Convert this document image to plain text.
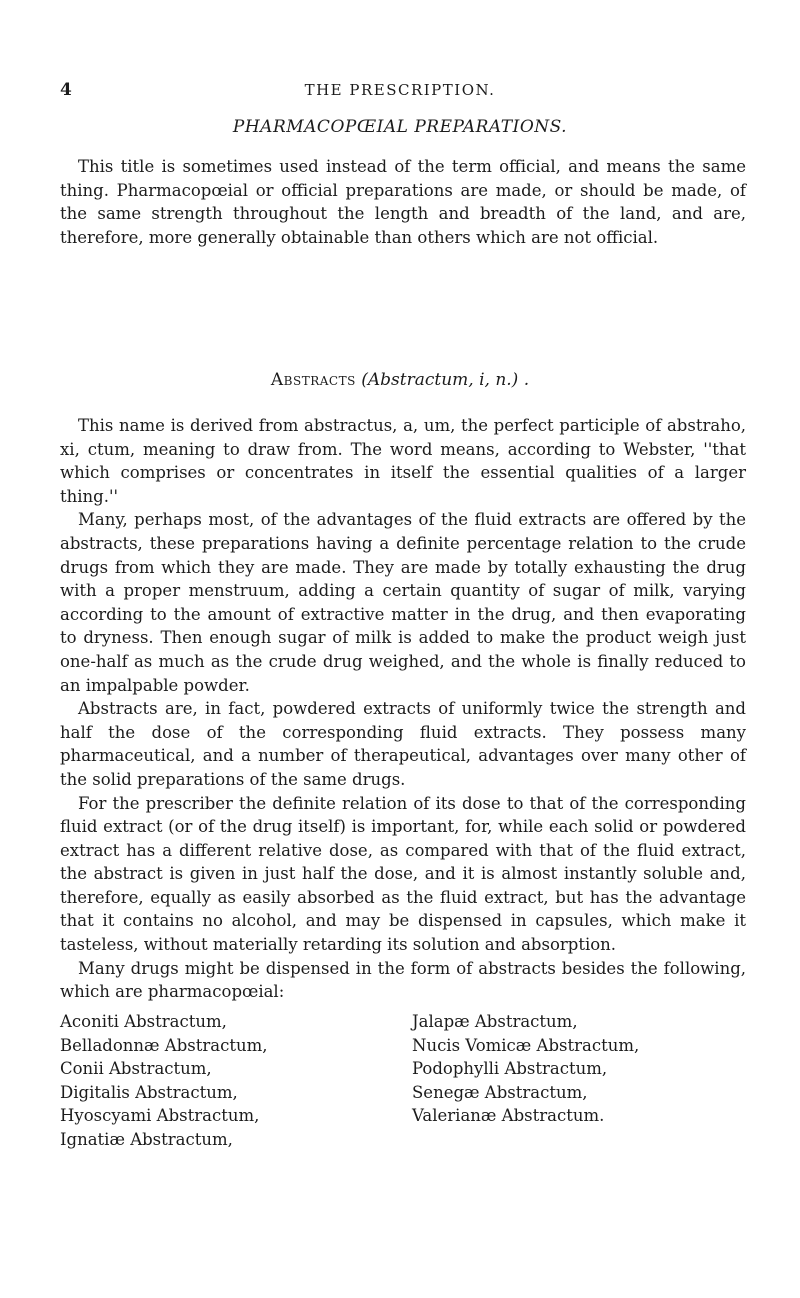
4	THE PRESCRIPTION.
PHARMACOPŒIAL PREPARATIONS.

This title is sometimes used instead of the term official, and means the same thing. Pharmacopœial or official preparations are made, or should be made, of the same strength throughout the length and breadth of the land, and are, therefore, more generally obtainable than others which are not official.

Abstracts (Abstractum, i, n.) .

This name is derived from abstractus, a, um, the perfect participle of abstraho, xi, ctum, meaning to draw from. The word means, according to Webster, ''that which comprises or concentrates in itself the essential qualities of a larger thing.''

Many, perhaps most, of the advantages of the fluid extracts are offered by the abstracts, these preparations having a definite percentage relation to the crude drugs from which they are made. They are made by totally exhausting the drug with a proper menstruum, adding a certain quantity of sugar of milk, varying according to the amount of extractive matter in the drug, and then evaporating to dryness. Then enough sugar of milk is added to make the product weigh just one-half as much as the crude drug weighed, and the whole is finally reduced to an impalpable powder.

Abstracts are, in fact, powdered extracts of uniformly twice the strength and half the dose of the corresponding fluid extracts. They possess many pharmaceutical, and a number of therapeutical, advantages over many other of the solid preparations of the same drugs.

For the prescriber the definite relation of its dose to that of the corresponding fluid extract (or of the drug itself) is important, for, while each solid or powdered extract has a different relative dose, as compared with that of the fluid extract, the abstract is given in just half the dose, and it is almost instantly soluble and, therefore, equally as easily absorbed as the fluid extract, but has the advantage that it contains no alcohol, and may be dispensed in capsules, which make it tasteless, without materially retarding its solution and absorption.

Many drugs might be dispensed in the form of abstracts besides the following, which are pharmacopœial:

Aconiti Abstractum,	Jalapæ Abstractum,
Belladonnæ Abstractum,	Nucis Vomicæ Abstractum,
Conii Abstractum,	Podophylli Abstractum,
Digitalis Abstractum,	Senegæ Abstractum,
Hyoscyami Abstractum,	Valerianæ Abstractum.
Ignatiæ Abstractum,
